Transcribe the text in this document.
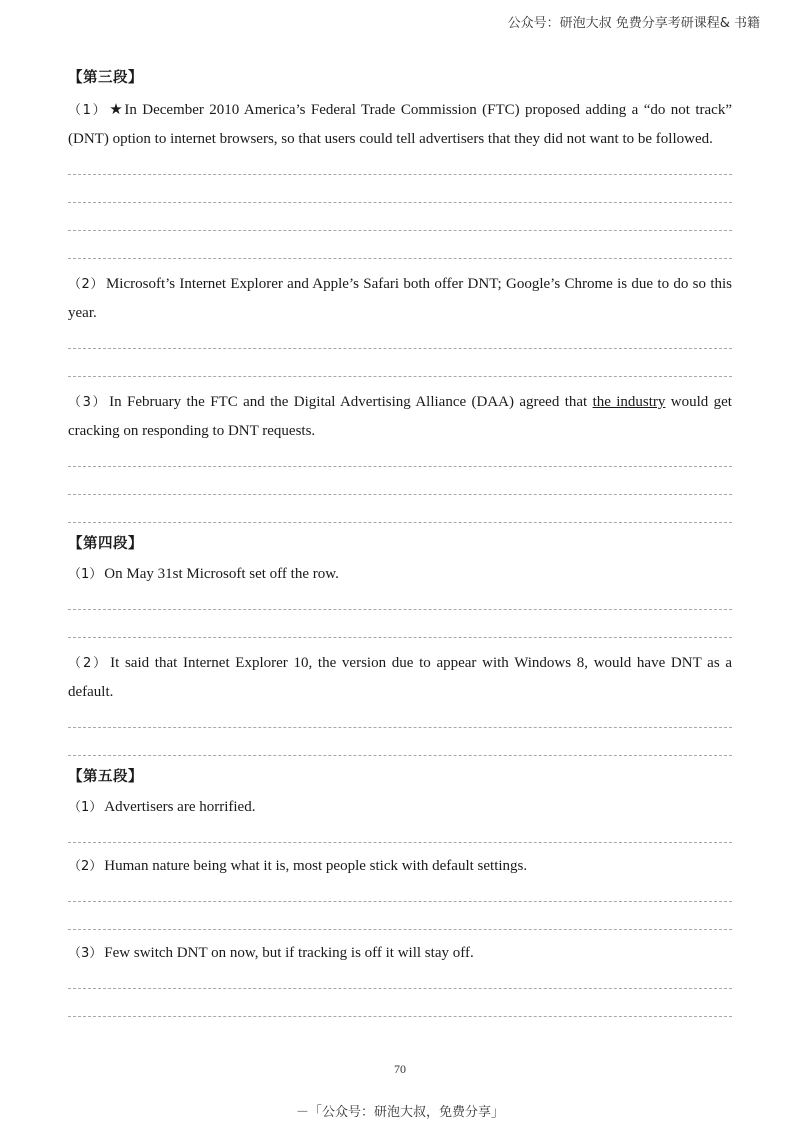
公众号：研泡大叔 免费分享考研课程& 书籍

【第三段】

（1） ★In December 2010 America’s Federal Trade Commission (FTC) proposed adding a “do not track” (DNT) option to internet browsers, so that users could tell advertisers that they did not want to be followed.

（2） Microsoft’s Internet Explorer and Apple’s Safari both offer DNT; Google’s Chrome is due to do so this year.

（3） In February the FTC and the Digital Advertising Alliance (DAA) agreed that the industry would get cracking on responding to DNT requests.

【第四段】

（1） On May 31st Microsoft set off the row.

（2） It said that Internet Explorer 10, the version due to appear with Windows 8, would have DNT as a default.

【第五段】

（1） Advertisers are horrified.

（2） Human nature being what it is, most people stick with default settings.

（3） Few switch DNT on now, but if tracking is off it will stay off.

70
－「公众号：研泡大叔，免费分享」
